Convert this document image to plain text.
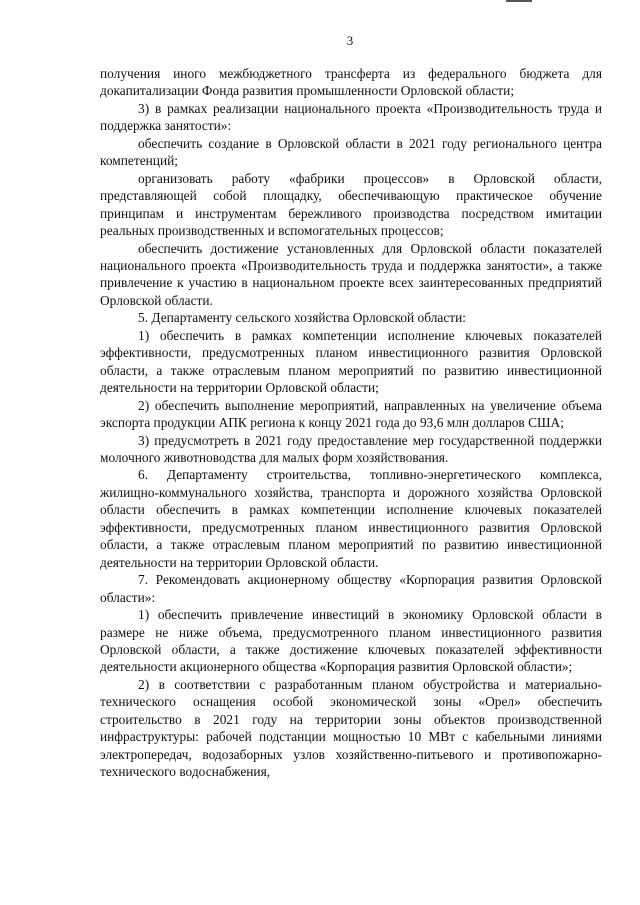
3

получения иного межбюджетного трансферта из федерального бюджета для докапитализации Фонда развития промышленности Орловской области;

3) в рамках реализации национального проекта «Производительность труда и поддержка занятости»:

обеспечить создание в Орловской области в 2021 году регионального центра компетенций;

организовать работу «фабрики процессов» в Орловской области, представляющей собой площадку, обеспечивающую практическое обучение принципам и инструментам бережливого производства посредством имитации реальных производственных и вспомогательных процессов;

обеспечить достижение установленных для Орловской области показателей национального проекта «Производительность труда и поддержка занятости», а также привлечение к участию в национальном проекте всех заинтересованных предприятий Орловской области.

5. Департаменту сельского хозяйства Орловской области:

1) обеспечить в рамках компетенции исполнение ключевых показателей эффективности, предусмотренных планом инвестиционного развития Орловской области, а также отраслевым планом мероприятий по развитию инвестиционной деятельности на территории Орловской области;

2) обеспечить выполнение мероприятий, направленных на увеличение объема экспорта продукции АПК региона к концу 2021 года до 93,6 млн долларов США;

3) предусмотреть в 2021 году предоставление мер государственной поддержки молочного животноводства для малых форм хозяйствования.

6. Департаменту строительства, топливно-энергетического комплекса, жилищно-коммунального хозяйства, транспорта и дорожного хозяйства Орловской области обеспечить в рамках компетенции исполнение ключевых показателей эффективности, предусмотренных планом инвестиционного развития Орловской области, а также отраслевым планом мероприятий по развитию инвестиционной деятельности на территории Орловской области.

7. Рекомендовать акционерному обществу «Корпорация развития Орловской области»:

1) обеспечить привлечение инвестиций в экономику Орловской области в размере не ниже объема, предусмотренного планом инвестиционного развития Орловской области, а также достижение ключевых показателей эффективности деятельности акционерного общества «Корпорация развития Орловской области»;

2) в соответствии с разработанным планом обустройства и материально-технического оснащения особой экономической зоны «Орел» обеспечить строительство в 2021 году на территории зоны объектов производственной инфраструктуры: рабочей подстанции мощностью 10 МВт с кабельными линиями электропередач, водозаборных узлов хозяйственно-питьевого и противопожарно-технического водоснабжения,
